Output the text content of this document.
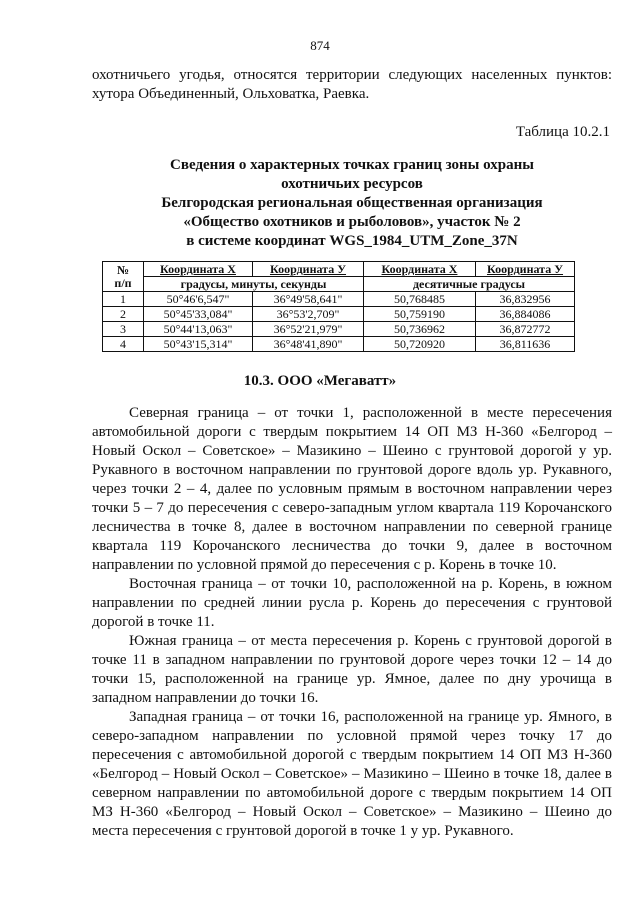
874
охотничьего угодья, относятся территории следующих населенных пунктов: хутора Объединенный, Ольховатка, Раевка.
Таблица 10.2.1
Сведения о характерных точках границ зоны охраны
охотничьих ресурсов
Белгородская региональная общественная организация
«Общество охотников и рыболовов», участок № 2
в системе координат WGS_1984_UTM_Zone_37N
№
п/п	Координата X	Координата У	Координата X	Координата У
	градусы, минуты, секунды		десятичные градусы	
1	50°46'6,547"	36°49'58,641"	50,768485	36,832956
2	50°45'33,084"	36°53'2,709"	50,759190	36,884086
3	50°44'13,063"	36°52'21,979"	50,736962	36,872772
4	50°43'15,314"	36°48'41,890"	50,720920	36,811636
10.3. ООО «Мегаватт»

Северная граница – от точки 1, расположенной в месте пересечения автомобильной дороги с твердым покрытием 14 ОП МЗ Н-360 «Белгород – Новый Оскол – Советское» – Мазикино – Шеино с грунтовой дорогой у ур. Рукавного в восточном направлении по грунтовой дороге вдоль ур. Рукавного, через точки 2 – 4, далее по условным прямым в восточном направлении через точки 5 – 7 до пересечения с северо-западным углом квартала 119 Корочанского лесничества в точке 8, далее в восточном направлении по северной границе квартала 119 Корочанского лесничества до точки 9, далее в восточном направлении по условной прямой до пересечения с р. Корень в точке 10.

Восточная граница – от точки 10, расположенной на р. Корень, в южном направлении по средней линии русла р. Корень до пересечения с грунтовой дорогой в точке 11.

Южная граница – от места пересечения р. Корень с грунтовой дорогой в точке 11 в западном направлении по грунтовой дороге через точки 12 – 14 до точки 15, расположенной на границе ур. Ямное, далее по дну урочища в западном направлении до точки 16.

Западная граница – от точки 16, расположенной на границе ур. Ямного, в северо-западном направлении по условной прямой через точку 17 до пересечения с автомобильной дорогой с твердым покрытием 14 ОП МЗ Н-360 «Белгород – Новый Оскол – Советское» – Мазикино – Шеино в точке 18, далее в северном направлении по автомобильной дороге с твердым покрытием 14 ОП МЗ Н-360 «Белгород – Новый Оскол – Советское» – Мазикино – Шеино до места пересечения с грунтовой дорогой в точке 1 у ур. Рукавного.
